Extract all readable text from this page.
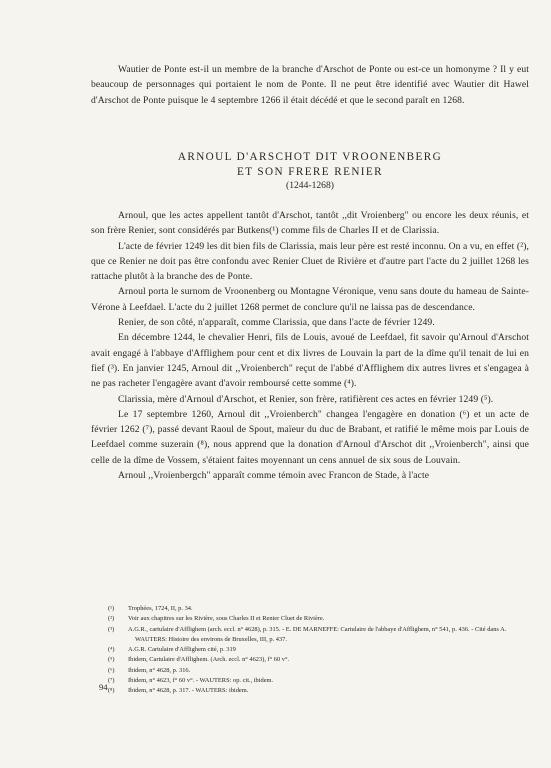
Wautier de Ponte est-il un membre de la branche d'Arschot de Ponte ou est-ce un homonyme ? Il y eut beaucoup de personnages qui portaient le nom de Ponte. Il ne peut être identifié avec Wautier dit Hawel d'Arschot de Ponte puisque le 4 septembre 1266 il était décédé et que le second paraît en 1268.

ARNOUL D'ARSCHOT DIT VROONENBERG

ET SON FRERE RENIER

(1244-1268)

Arnoul, que les actes appellent tantôt d'Arschot, tantôt ,,dit Vroienberg" ou encore les deux réunis, et son frère Renier, sont considérés par Butkens(¹) comme fils de Charles II et de Clarissia.

L'acte de février 1249 les dit bien fils de Clarissia, mais leur père est resté inconnu. On a vu, en effet (²), que ce Renier ne doit pas être confondu avec Renier Cluet de Rivière et d'autre part l'acte du 2 juillet 1268 les rattache plutôt à la branche des de Ponte.

Arnoul porta le surnom de Vroonenberg ou Montagne Véronique, venu sans doute du hameau de Sainte-Vérone à Leefdael. L'acte du 2 juillet 1268 permet de conclure qu'il ne laissa pas de descendance.

Renier, de son côté, n'apparaît, comme Clarissia, que dans l'acte de février 1249.

En décembre 1244, le chevalier Henri, fils de Louis, avoué de Leefdael, fit savoir qu'Arnoul d'Arschot avait engagé à l'abbaye d'Afflighem pour cent et dix livres de Louvain la part de la dîme qu'il tenait de lui en fief (³). En janvier 1245, Arnoul dit ,,Vroienberch" reçut de l'abbé d'Afflighem dix autres livres et s'engagea à ne pas racheter l'engagère avant d'avoir remboursé cette somme (⁴).

Clarissia, mère d'Arnoul d'Arschot, et Renier, son frère, ratifièrent ces actes en février 1249 (⁵).

Le 17 septembre 1260, Arnoul dit ,,Vroienberch" changea l'engagère en donation (⁶) et un acte de février 1262 (⁷), passé devant Raoul de Spout, maïeur du duc de Brabant, et ratifié le même mois par Louis de Leefdael comme suzerain (⁸), nous apprend que la donation d'Arnoul d'Arschot dit ,,Vroienberch", ainsi que celle de la dîme de Vossem, s'étaient faites moyennant un cens annuel de six sous de Louvain.

Arnoul ,,Vroienbergch" apparaît comme témoin avec Francon de Stade, à l'acte

(¹) Trophées, 1724, II, p. 34.

(²) Voir aux chapitres sur les Rivière, sous Charles II et Renier Cluet de Rivière.

(³) A.G.R., cartulaire d'Afflighem (arch. eccl. n° 4628), p. 315. - E. DE MARNEFFE: Cartulaire de l'abbaye d'Afflighem, n° 541, p. 436. - Cité dans A. WAUTERS: Histoire des environs de Bruxelles, III, p. 437.

(⁴) A.G.R. Cartulaire d'Afflighem cité, p. 319

(⁵) Ibidem, Cartulaire d'Afflighem. (Arch. eccl. n° 4623), f° 60 v°.

(⁶) Ibidem, n° 4628, p. 316.

(⁷) Ibidem, n° 4623, f° 60 v°. - WAUTERS: op. cit., ibidem.

(⁸) Ibidem, n° 4628, p. 317. - WAUTERS: ibidem.

94
